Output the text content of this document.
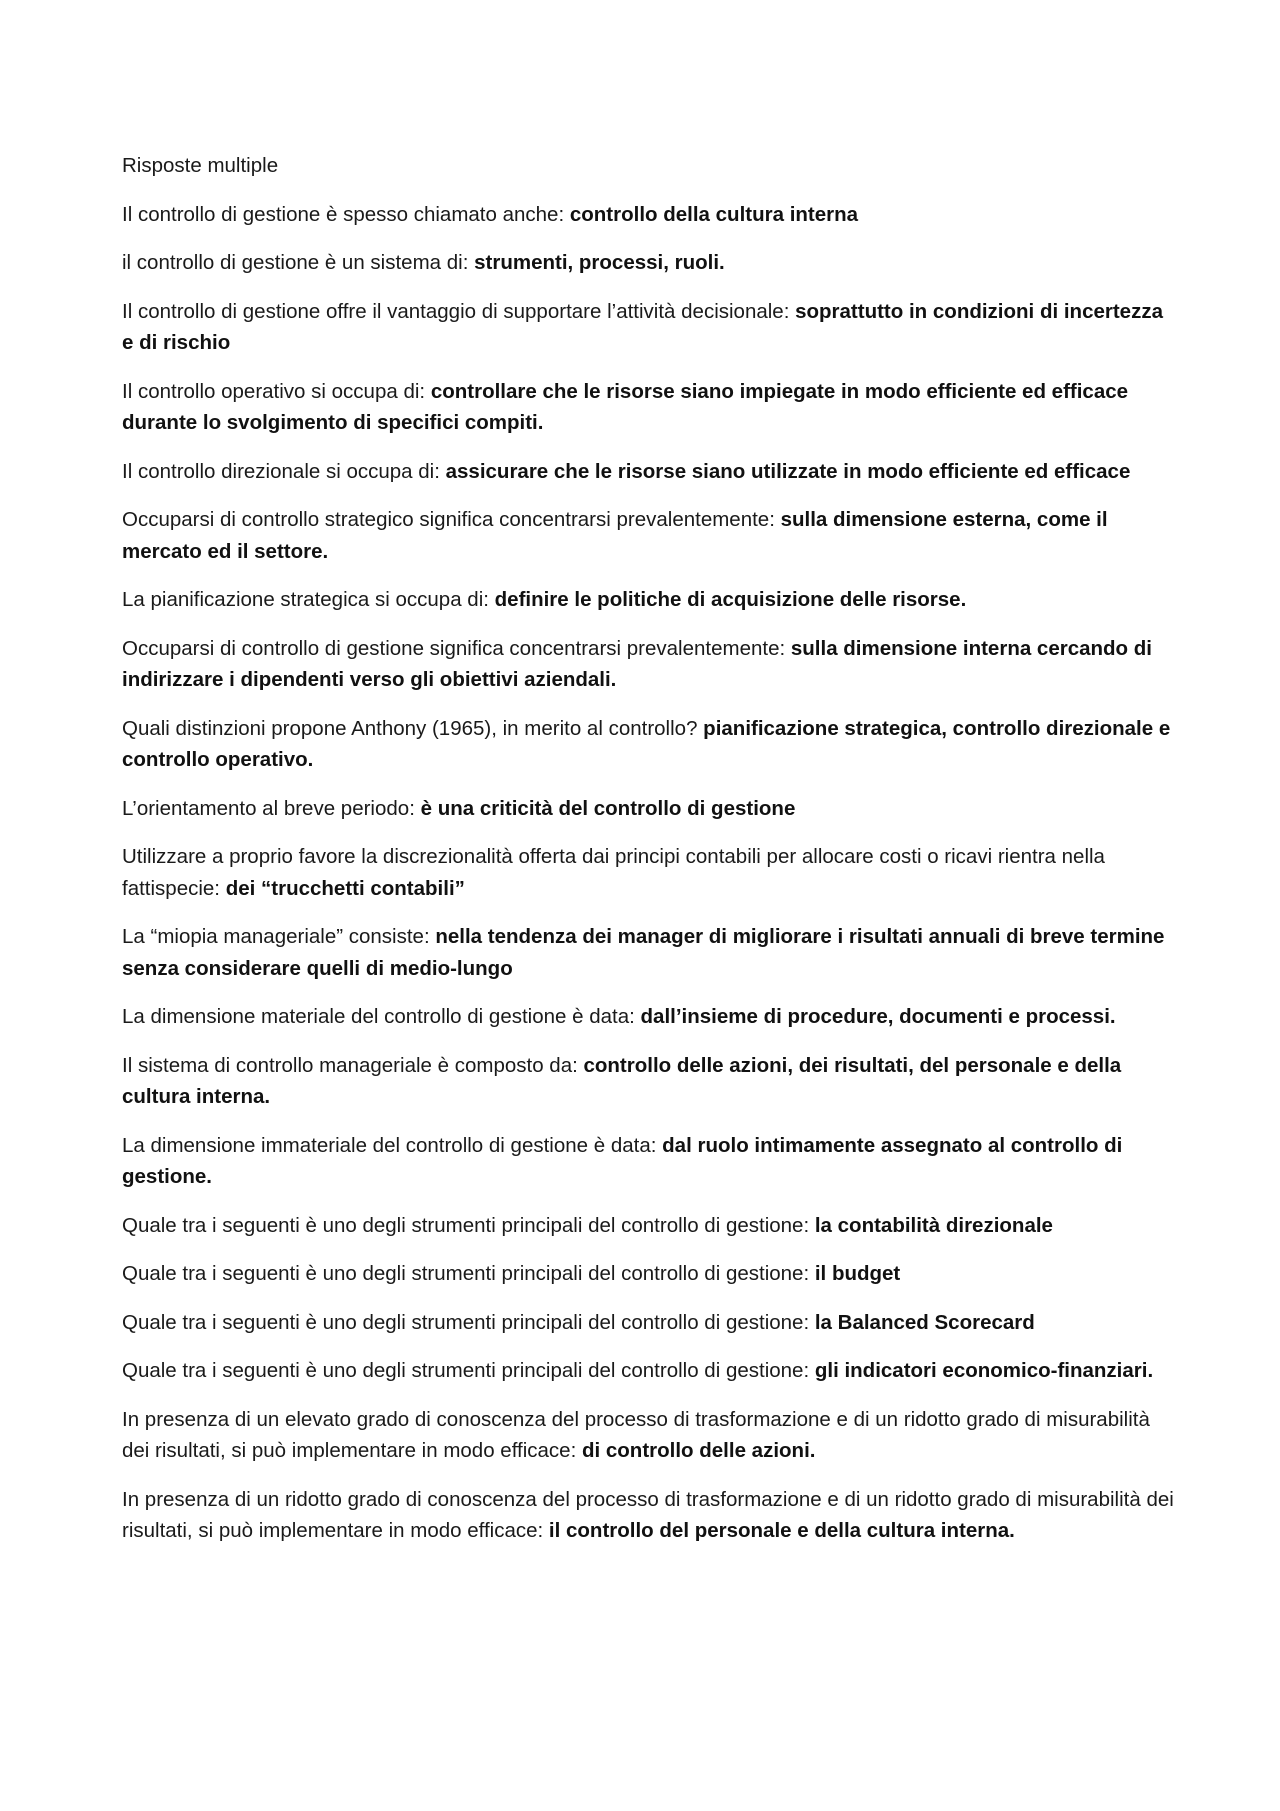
Risposte multiple

Il controllo di gestione è spesso chiamato anche: controllo della cultura interna

il controllo di gestione è un sistema di: strumenti, processi, ruoli.

Il controllo di gestione offre il vantaggio di supportare l’attività decisionale: soprattutto in condizioni di incertezza e di rischio

Il controllo operativo si occupa di: controllare che le risorse siano impiegate in modo efficiente ed efficace durante lo svolgimento di specifici compiti.

Il controllo direzionale si occupa di: assicurare che le risorse siano utilizzate in modo efficiente ed efficace

Occuparsi di controllo strategico significa concentrarsi prevalentemente: sulla dimensione esterna, come il mercato ed il settore.

La pianificazione strategica si occupa di: definire le politiche di acquisizione delle risorse.

Occuparsi di controllo di gestione significa concentrarsi prevalentemente: sulla dimensione interna cercando di indirizzare i dipendenti verso gli obiettivi aziendali.

Quali distinzioni propone Anthony (1965), in merito al controllo? pianificazione strategica, controllo direzionale e controllo operativo.

L’orientamento al breve periodo: è una criticità del controllo di gestione

Utilizzare a proprio favore la discrezionalità offerta dai principi contabili per allocare costi o ricavi rientra nella fattispecie: dei “trucchetti contabili”

La “miopia manageriale” consiste: nella tendenza dei manager di migliorare i risultati annuali di breve termine senza considerare quelli di medio-lungo

La dimensione materiale del controllo di gestione è data: dall’insieme di procedure, documenti e processi.

Il sistema di controllo manageriale è composto da: controllo delle azioni, dei risultati, del personale e della cultura interna.

La dimensione immateriale del controllo di gestione è data: dal ruolo intimamente assegnato al controllo di gestione.

Quale tra i seguenti è uno degli strumenti principali del controllo di gestione: la contabilità direzionale

Quale tra i seguenti è uno degli strumenti principali del controllo di gestione: il budget

Quale tra i seguenti è uno degli strumenti principali del controllo di gestione: la Balanced Scorecard

Quale tra i seguenti è uno degli strumenti principali del controllo di gestione: gli indicatori economico-finanziari.

In presenza di un elevato grado di conoscenza del processo di trasformazione e di un ridotto grado di misurabilità dei risultati, si può implementare in modo efficace: di controllo delle azioni.

In presenza di un ridotto grado di conoscenza del processo di trasformazione e di un ridotto grado di misurabilità dei risultati, si può implementare in modo efficace: il controllo del personale e della cultura interna.
